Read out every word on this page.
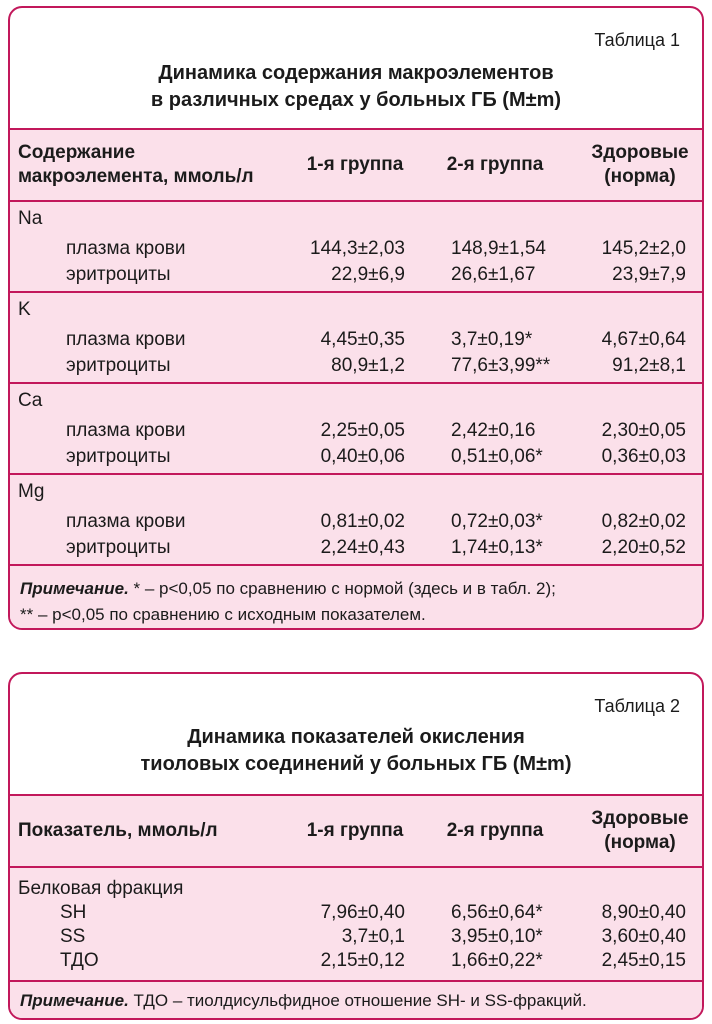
Таблица 1
Динамика содержания макроэлементов
в различных средах у больных ГБ (M±m)
Содержание
макроэлемента, ммоль/л
1-я группа	2-я группа
Здоровые
(норма)
Na
плазма крови	144,3±2,03 148,9±1,54	145,2±2,0
эритроциты	22,9±6,9 26,6±1,67	23,9±7,9
K
плазма крови	4,45±0,35 3,7±0,19*	4,67±0,64
эритроциты	80,9±1,2 77,6±3,99**	91,2±8,1
Ca
плазма крови	2,25±0,05 2,42±0,16	2,30±0,05
эритроциты	0,40±0,06 0,51±0,06*	0,36±0,03
Mg
плазма крови	0,81±0,02 0,72±0,03*	0,82±0,02
эритроциты	2,24±0,43 1,74±0,13*	2,20±0,52
Примечание. * – р<0,05 по сравнению с нормой (здесь и в табл. 2);
** – р<0,05 по сравнению с исходным показателем.
Таблица 2
Динамика показателей окисления
тиоловых соединений у больных ГБ (M±m)
Показатель, ммоль/л	1-я группа	2-я группа
Здоровые
(норма)
Белковая фракция
SH	7,96±0,40 6,56±0,64*	8,90±0,40
SS	3,7±0,1 3,95±0,10*	3,60±0,40
ТДО	2,15±0,12 1,66±0,22*	2,45±0,15
Примечание. ТДО – тиолдисульфидное отношение SH- и SS-фракций.
